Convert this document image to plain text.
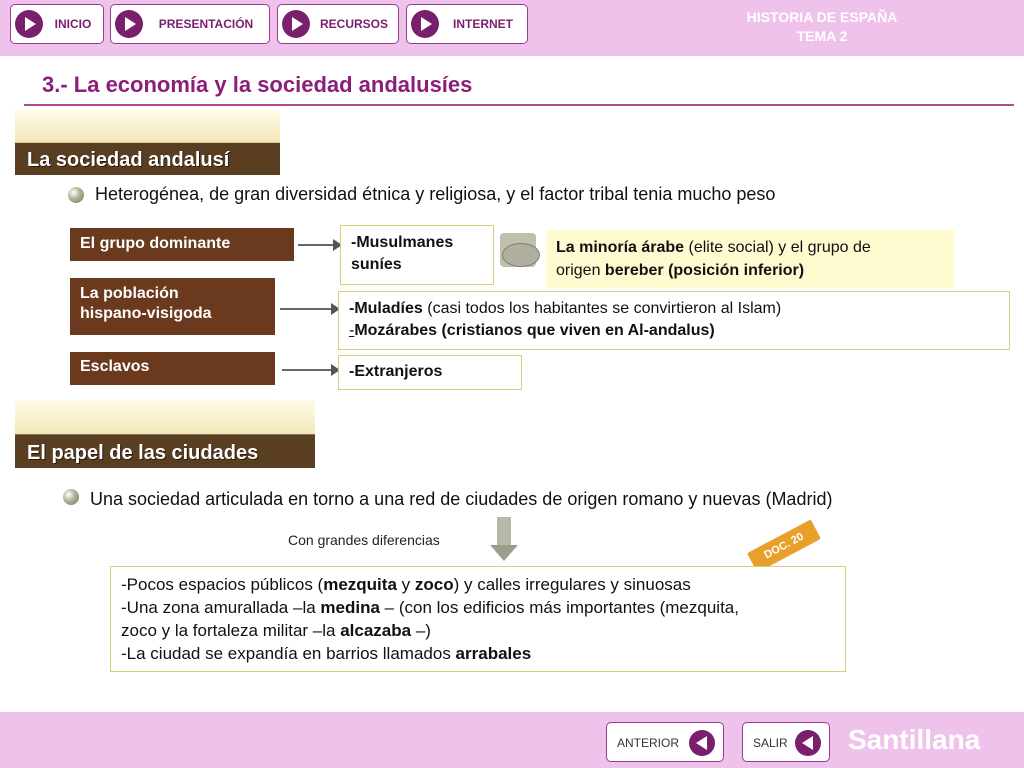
INICIO	PRESENTACIÓN	RECURSOS	INTERNET	HISTORIA DE ESPAÑA
TEMA 2
3.- La economía y la sociedad andalusíes
La sociedad andalusí
Heterogénea, de gran diversidad étnica y religiosa, y el factor tribal tenia mucho peso
El grupo dominante	-Musulmanes
suníes
La minoría árabe (elite social) y el grupo de
origen bereber (posición inferior)
La población
hispano-visigoda	-Muladíes (casi todos los habitantes se convirtieron al Islam)
-Mozárabes (cristianos que viven en Al-andalus)
Esclavos	-Extranjeros
El papel de las ciudades
Una sociedad articulada en torno a una red de ciudades de origen romano y nuevas (Madrid)
Con grandes diferencias	DOC. 20
-Pocos espacios públicos (mezquita y zoco) y calles irregulares y sinuosas
-Una zona amurallada –la medina – (con los edificios más importantes (mezquita,
zoco y la fortaleza militar –la alcazaba –)
-La ciudad se expandía en barrios llamados arrabales
ANTERIOR	SALIR Santillana
